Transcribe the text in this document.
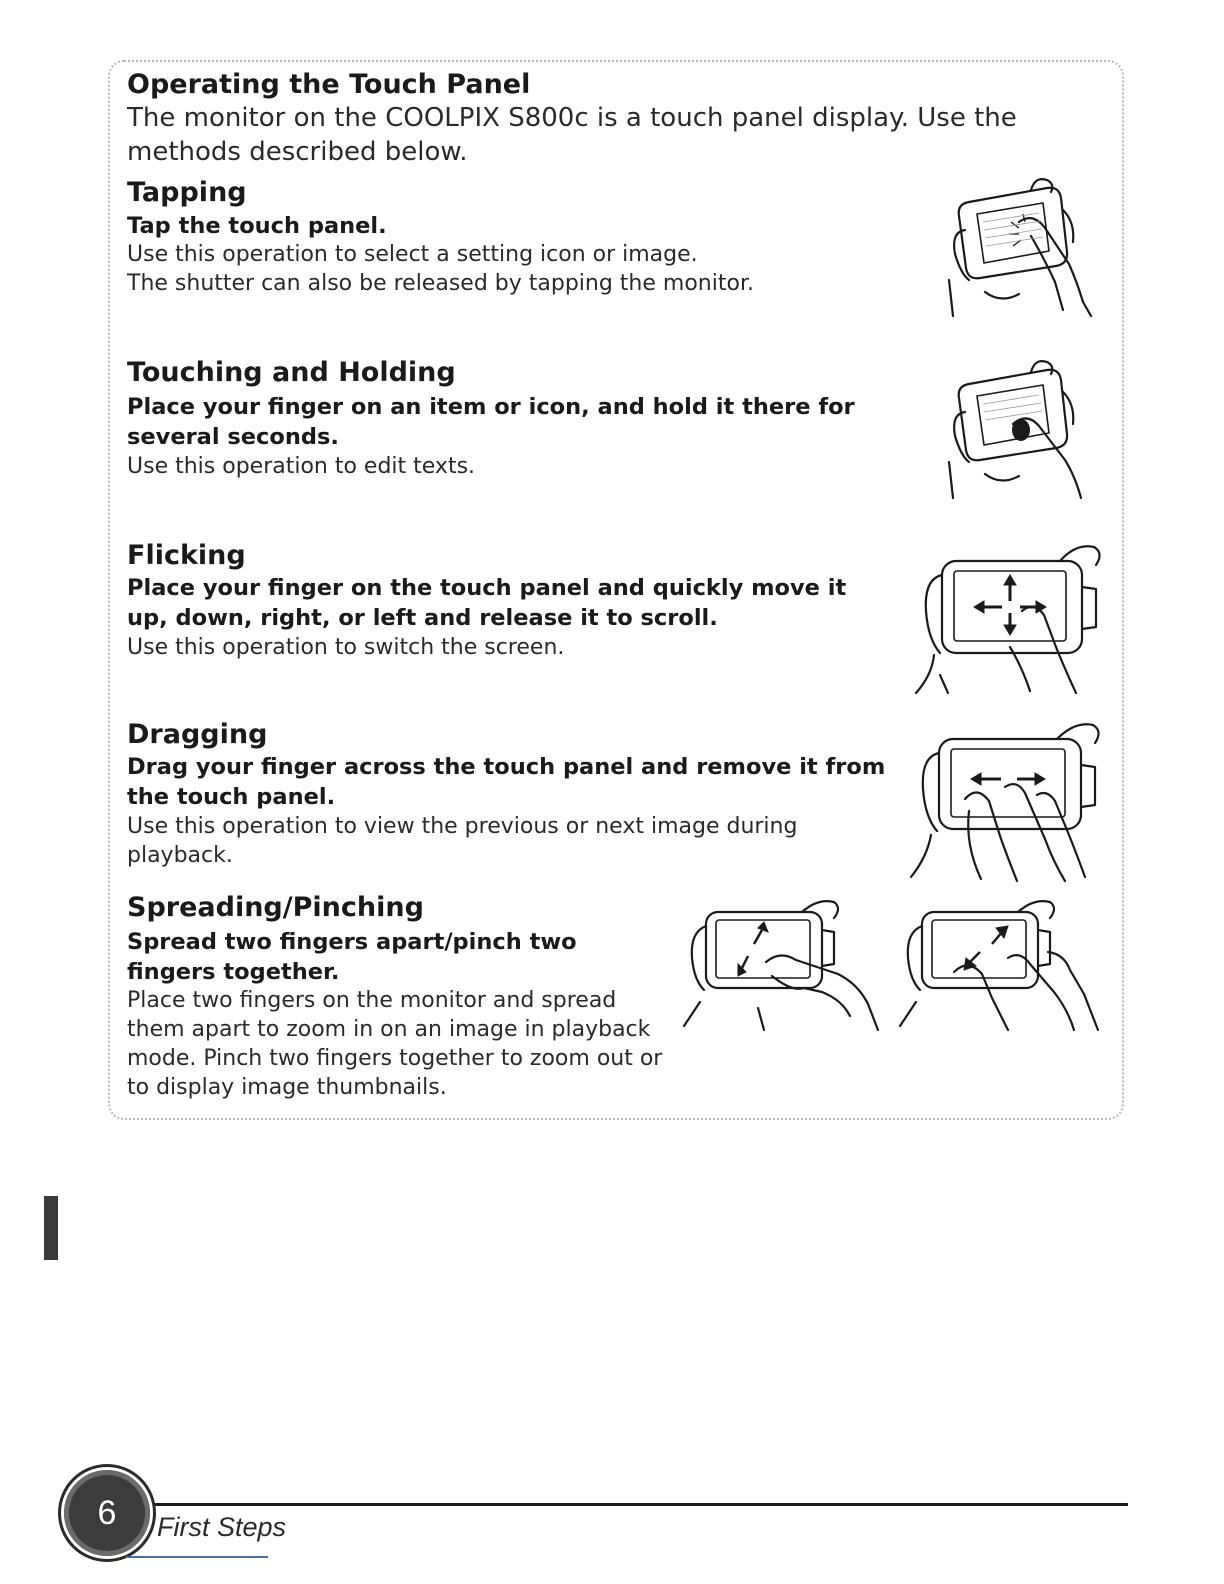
Operating the Touch Panel

The monitor on the COOLPIX S800c is a touch panel display. Use the methods described below.

Tapping

Tap the touch panel.

Use this operation to select a setting icon or image.
The shutter can also be released by tapping the monitor.

Touching and Holding

Place your finger on an item or icon, and hold it there for several seconds.

Use this operation to edit texts.

Flicking

Place your finger on the touch panel and quickly move it up, down, right, or left and release it to scroll.

Use this operation to switch the screen.

Dragging

Drag your finger across the touch panel and remove it from the touch panel.

Use this operation to view the previous or next image during playback.

Spreading/Pinching

Spread two fingers apart/pinch two fingers together.

Place two fingers on the monitor and spread them apart to zoom in on an image in playback mode. Pinch two fingers together to zoom out or to display image thumbnails.

6	First Steps
